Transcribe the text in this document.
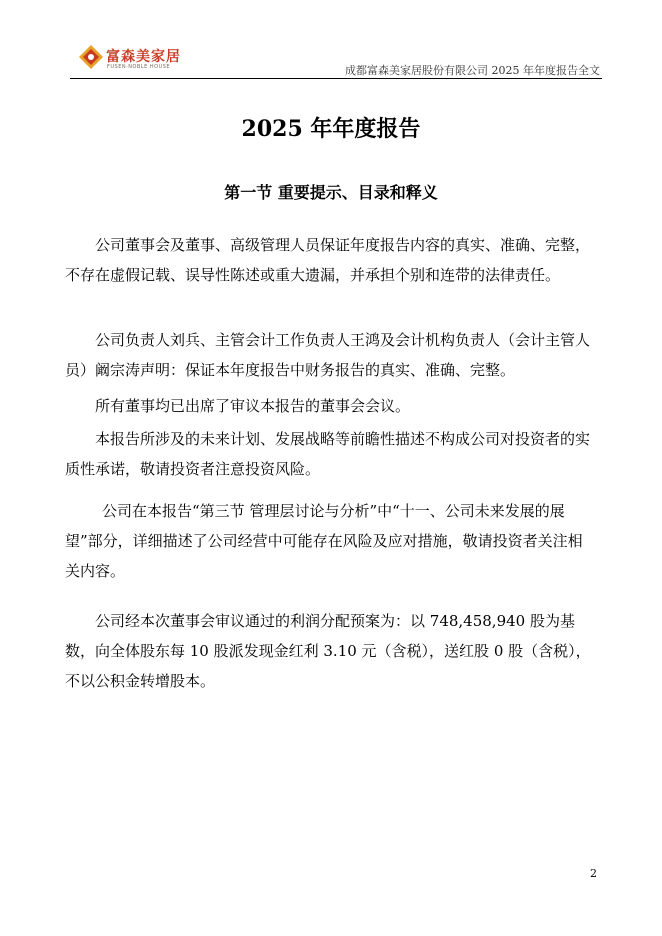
富森美家居
FUSEN·NOBLE HOUSE	成都富森美家居股份有限公司 2025 年年度报告全文
2025 年年度报告
第一节 重要提示、目录和释义

公司董事会及董事、高级管理人员保证年度报告内容的真实、准确、完整，不存在虚假记载、误导性陈述或重大遗漏，并承担个别和连带的法律责任。

公司负责人刘兵、主管会计工作负责人王鸿及会计机构负责人（会计主管人员）阚宗涛声明：保证本年度报告中财务报告的真实、准确、完整。

所有董事均已出席了审议本报告的董事会会议。

本报告所涉及的未来计划、发展战略等前瞻性描述不构成公司对投资者的实质性承诺，敬请投资者注意投资风险。

公司在本报告“第三节 管理层讨论与分析”中“十一、公司未来发展的展望”部分，详细描述了公司经营中可能存在风险及应对措施，敬请投资者关注相关内容。

公司经本次董事会审议通过的利润分配预案为：以 748,458,940 股为基数，向全体股东每 10 股派发现金红利 3.10 元（含税），送红股 0 股（含税），不以公积金转增股本。

2
